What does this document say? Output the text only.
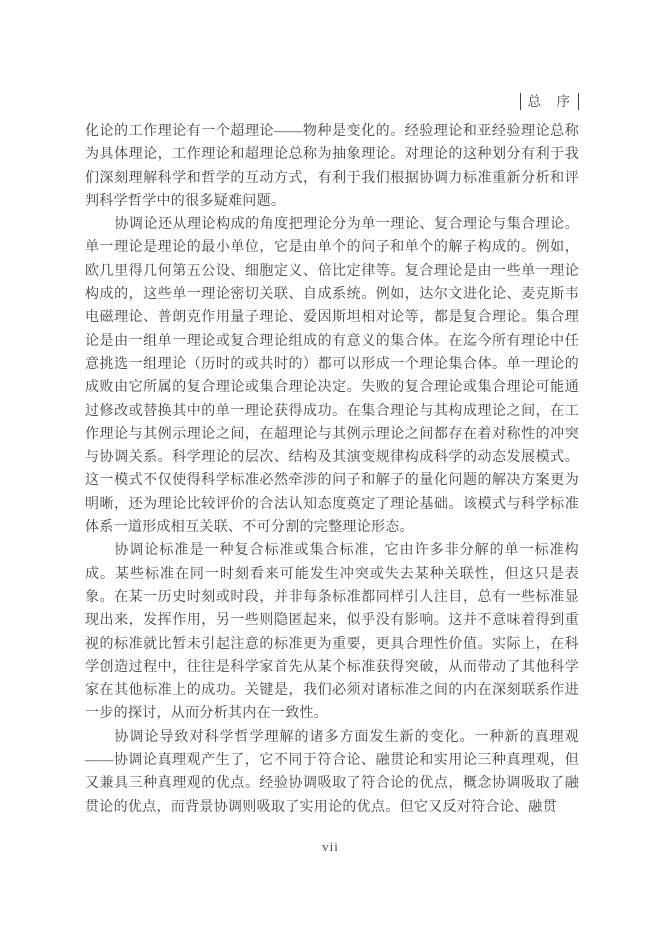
总　序

化论的工作理论有一个超理论——物种是变化的。经验理论和亚经验理论总称为具体理论，工作理论和超理论总称为抽象理论。对理论的这种划分有利于我们深刻理解科学和哲学的互动方式，有利于我们根据协调力标准重新分析和评判科学哲学中的很多疑难问题。

协调论还从理论构成的角度把理论分为单一理论、复合理论与集合理论。单一理论是理论的最小单位，它是由单个的问子和单个的解子构成的。例如，欧几里得几何第五公设、细胞定义、倍比定律等。复合理论是由一些单一理论构成的，这些单一理论密切关联、自成系统。例如，达尔文进化论、麦克斯韦电磁理论、普朗克作用量子理论、爱因斯坦相对论等，都是复合理论。集合理论是由一组单一理论或复合理论组成的有意义的集合体。在迄今所有理论中任意挑选一组理论（历时的或共时的）都可以形成一个理论集合体。单一理论的成败由它所属的复合理论或集合理论决定。失败的复合理论或集合理论可能通过修改或替换其中的单一理论获得成功。在集合理论与其构成理论之间，在工作理论与其例示理论之间，在超理论与其例示理论之间都存在着对称性的冲突与协调关系。科学理论的层次、结构及其演变规律构成科学的动态发展模式。这一模式不仅使得科学标准必然牵涉的问子和解子的量化问题的解决方案更为明晰，还为理论比较评价的合法认知态度奠定了理论基础。该模式与科学标准体系一道形成相互关联、不可分割的完整理论形态。

协调论标准是一种复合标准或集合标准，它由许多非分解的单一标准构成。某些标准在同一时刻看来可能发生冲突或失去某种关联性，但这只是表象。在某一历史时刻或时段，并非每条标准都同样引人注目，总有一些标准显现出来，发挥作用，另一些则隐匿起来，似乎没有影响。这并不意味着得到重视的标准就比暂未引起注意的标准更为重要，更具合理性价值。实际上，在科学创造过程中，往往是科学家首先从某个标准获得突破，从而带动了其他科学家在其他标准上的成功。关键是，我们必须对诸标准之间的内在深刻联系作进一步的探讨，从而分析其内在一致性。

协调论导致对科学哲学理解的诸多方面发生新的变化。一种新的真理观——协调论真理观产生了，它不同于符合论、融贯论和实用论三种真理观，但又兼具三种真理观的优点。经验协调吸取了符合论的优点，概念协调吸取了融贯论的优点，而背景协调则吸取了实用论的优点。但它又反对符合论、融贯

vii
